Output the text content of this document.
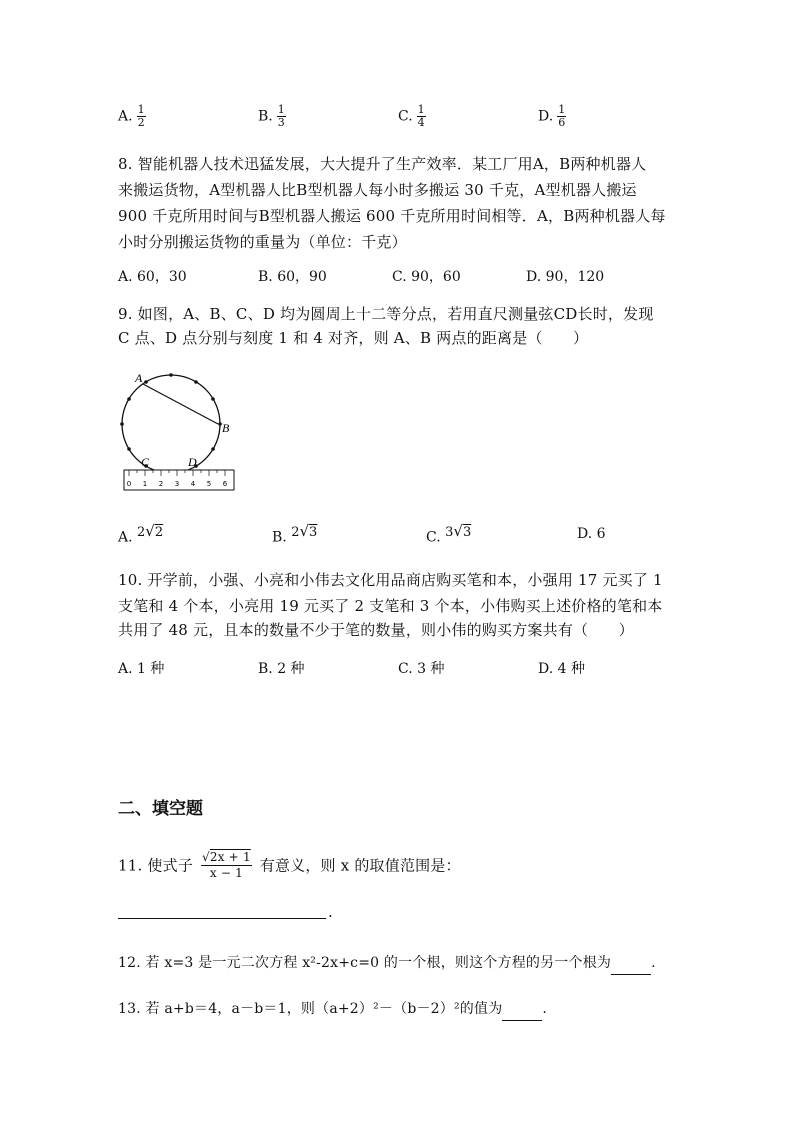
A. $\frac{1}{2}$	B. $\frac{1}{3}$	C. $\frac{1}{4}$	D. $\frac{1}{6}$
8. 智能机器人技术迅猛发展，大大提升了生产效率．某工厂用A，B两种机器人
来搬运货物，A型机器人比B型机器人每小时多搬运 30 千克，A型机器人搬运
900 千克所用时间与B型机器人搬运 600 千克所用时间相等．A，B两种机器人每
小时分别搬运货物的重量为（单位：千克）
A. 60，30	B. 60，90	C. 90，60	D. 90，120
9. 如图，A、B、C、D 均为圆周上十二等分点，若用直尺测量弦CD长时，发现
C 点、D 点分别与刻度 1 和 4 对齐，则 A、B 两点的距离是（　　）
A
B
C	D
0 1 2 3 4 5 6
A. 2√2	B. 2√3	C. 3√3	D. 6
10. 开学前，小强、小亮和小伟去文化用品商店购买笔和本，小强用 17 元买了 1
支笔和 4 个本，小亮用 19 元买了 2 支笔和 3 个本，小伟购买上述价格的笔和本
共用了 48 元，且本的数量不少于笔的数量，则小伟的购买方案共有（　　）
A. 1 种	B. 2 种	C. 3 种	D. 4 种
二、填空题
11. 使式子 $\frac{√2x + 1}{x - 1}$ 有意义，则 x 的取值范围是：
.
12. 若 x=3 是一元二次方程 x²-2x+c=0 的一个根，则这个方程的另一个根为	.
13. 若 a+b＝4，a－b＝1，则（a+2）²－（b－2）²的值为	.
